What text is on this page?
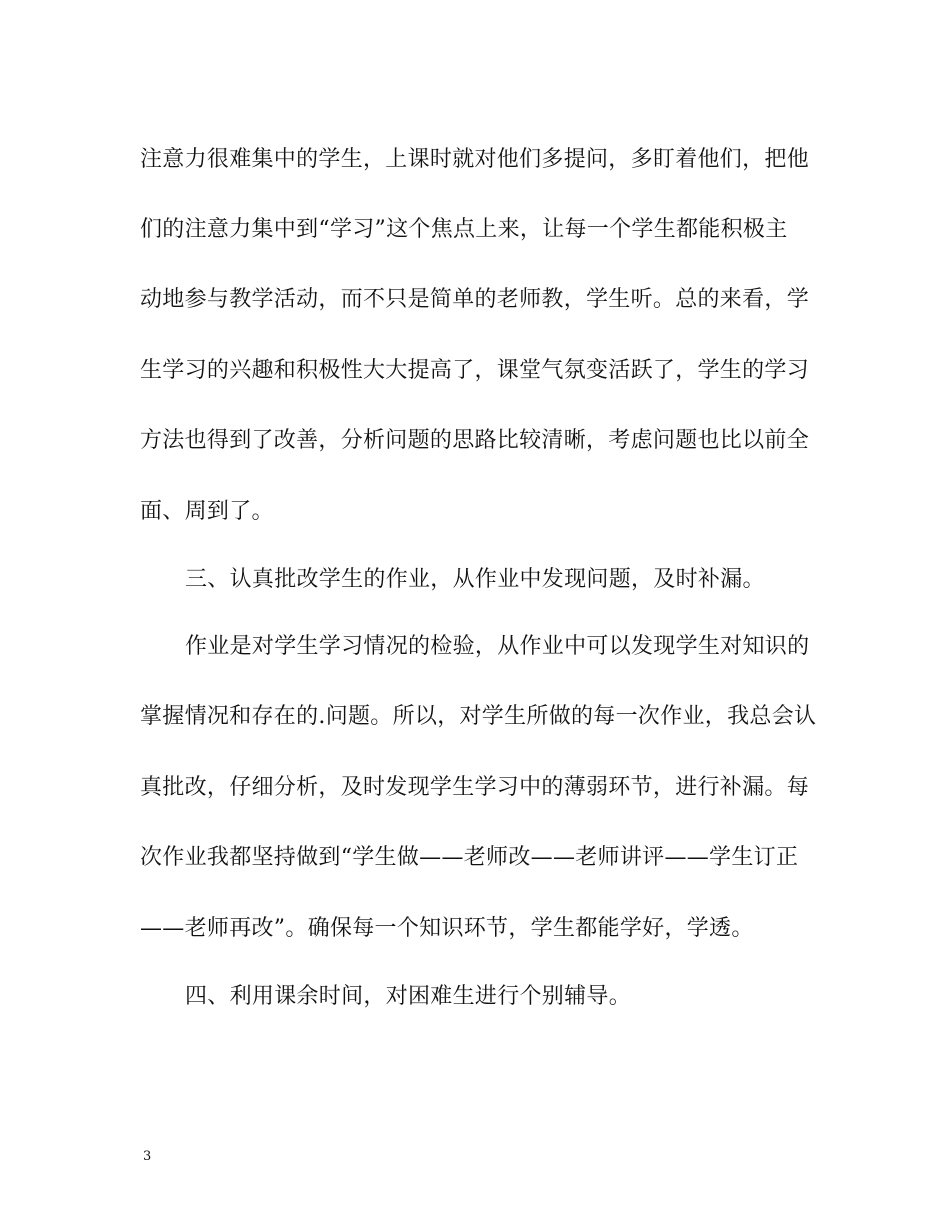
注意力很难集中的学生，上课时就对他们多提问，多盯着他们，把他
们的注意力集中到“学习”这个焦点上来，让每一个学生都能积极主
动地参与教学活动，而不只是简单的老师教，学生听。总的来看，学
生学习的兴趣和积极性大大提高了，课堂气氛变活跃了，学生的学习
方法也得到了改善，分析问题的思路比较清晰，考虑问题也比以前全
面、周到了。
三、认真批改学生的作业，从作业中发现问题，及时补漏。
作业是对学生学习情况的检验，从作业中可以发现学生对知识的
掌握情况和存在的.问题。所以，对学生所做的每一次作业，我总会认
真批改，仔细分析，及时发现学生学习中的薄弱环节，进行补漏。每
次作业我都坚持做到“学生做——老师改——老师讲评——学生订正
——老师再改”。确保每一个知识环节，学生都能学好，学透。
四、利用课余时间，对困难生进行个别辅导。
3
